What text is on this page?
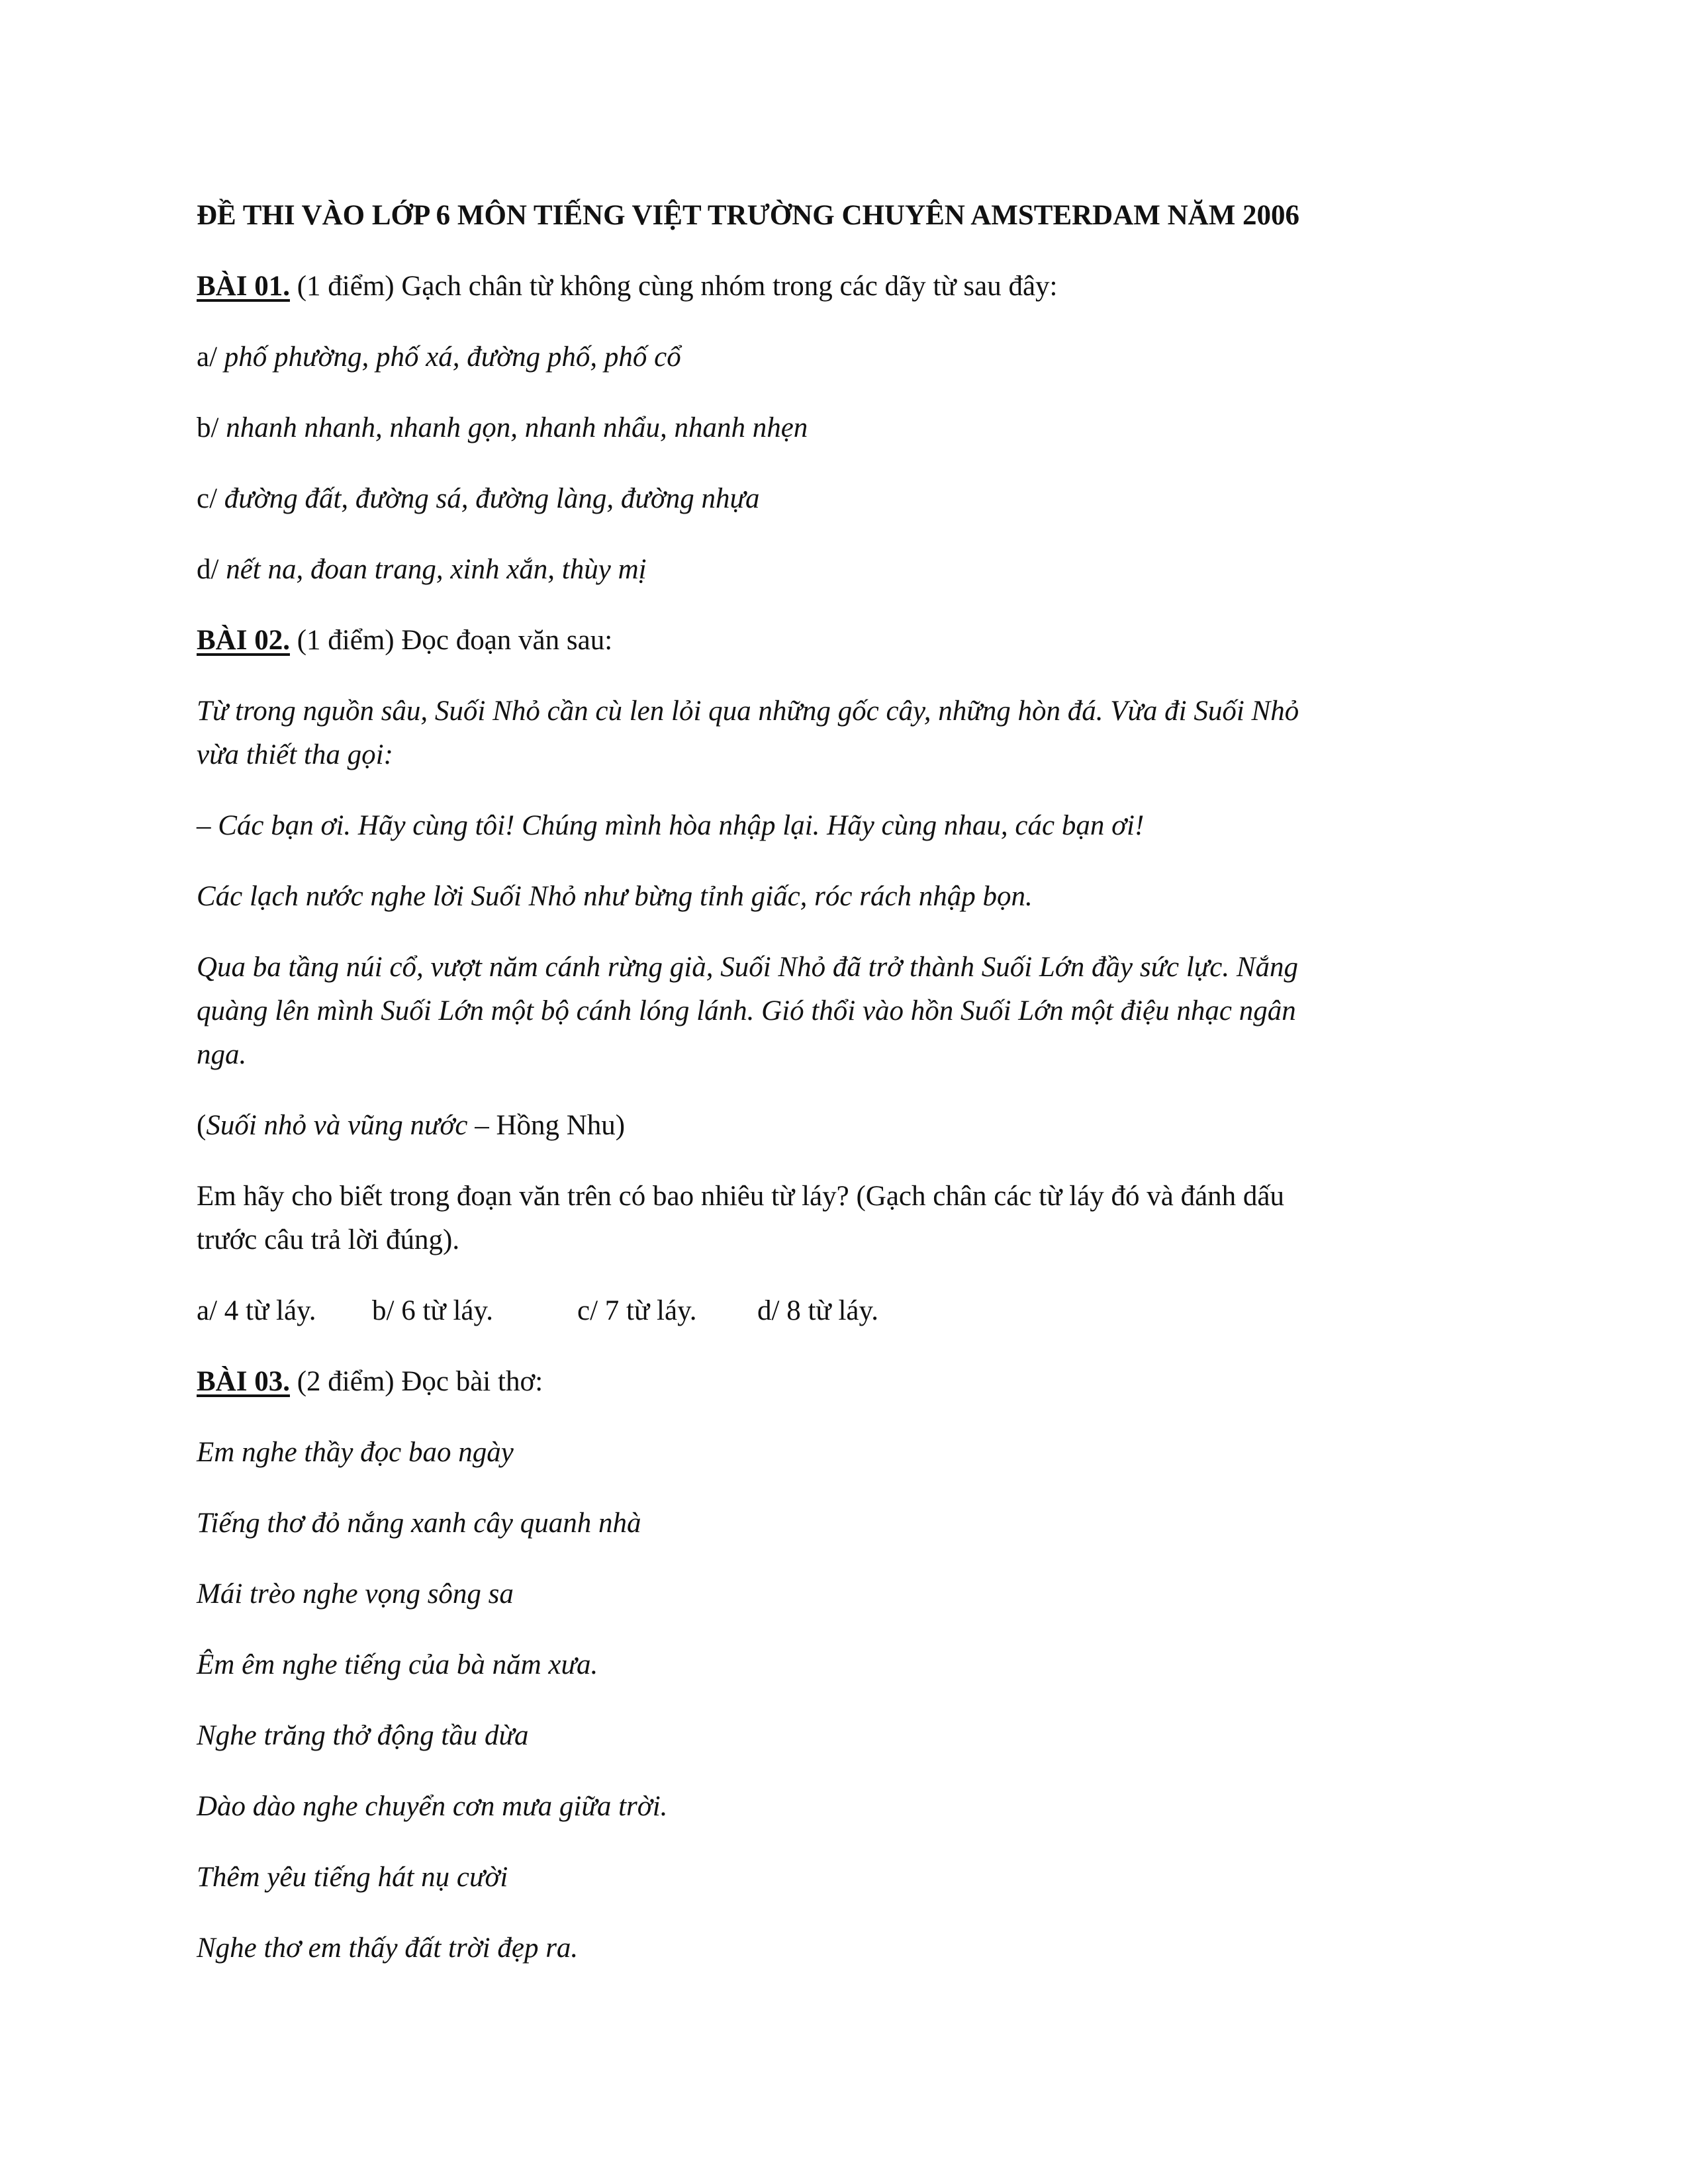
ĐỀ THI VÀO LỚP 6 MÔN TIẾNG VIỆT TRƯỜNG CHUYÊN AMSTERDAM NĂM 2006
BÀI 01. (1 điểm) Gạch chân từ không cùng nhóm trong các dãy từ sau đây:
a/ phố phường, phố xá, đường phố, phố cổ
b/ nhanh nhanh, nhanh gọn, nhanh nhẩu, nhanh nhẹn
c/ đường đất, đường sá, đường làng, đường nhựa
d/ nết na, đoan trang, xinh xắn, thùy mị
BÀI 02. (1 điểm) Đọc đoạn văn sau:
Từ trong nguồn sâu, Suối Nhỏ cần cù len lỏi qua những gốc cây, những hòn đá. Vừa đi Suối Nhỏ
vừa thiết tha gọi:
– Các bạn ơi. Hãy cùng tôi! Chúng mình hòa nhập lại. Hãy cùng nhau, các bạn ơi!
Các lạch nước nghe lời Suối Nhỏ như bừng tỉnh giấc, róc rách nhập bọn.
Qua ba tầng núi cổ, vượt năm cánh rừng già, Suối Nhỏ đã trở thành Suối Lớn đầy sức lực. Nắng
quàng lên mình Suối Lớn một bộ cánh lóng lánh. Gió thổi vào hồn Suối Lớn một điệu nhạc ngân
nga.
(Suối nhỏ và vũng nước – Hồng Nhu)
Em hãy cho biết trong đoạn văn trên có bao nhiêu từ láy? (Gạch chân các từ láy đó và đánh dấu
trước câu trả lời đúng).
a/ 4 từ láy. b/ 6 từ láy.	c/ 7 từ láy. d/ 8 từ láy.
BÀI 03. (2 điểm) Đọc bài thơ:
Em nghe thầy đọc bao ngày
Tiếng thơ đỏ nắng xanh cây quanh nhà
Mái trèo nghe vọng sông sa
Êm êm nghe tiếng của bà năm xưa.
Nghe trăng thở động tầu dừa
Dào dào nghe chuyển cơn mưa giữa trời.
Thêm yêu tiếng hát nụ cười
Nghe thơ em thấy đất trời đẹp ra.
